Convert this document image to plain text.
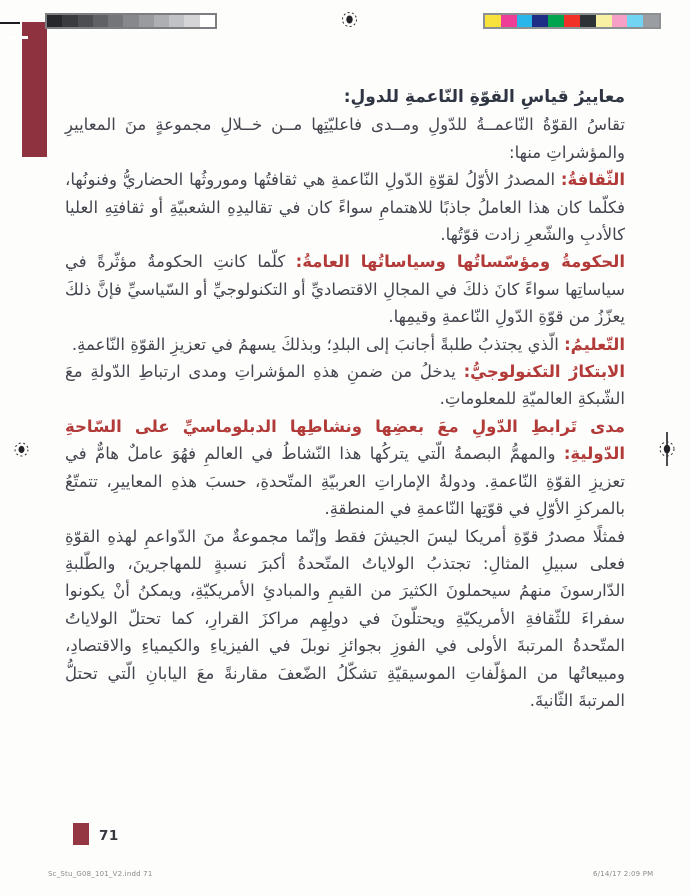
معاييرُ قياسِ القوّةِ النّاعمةِ للدولِ:

تقاسُ القوّةُ النّاعمــةُ للدّولِ ومــدى فاعليّتِها مــن خــلالِ مجموعةٍ منَ المعاييرِ والمؤشراتِ منها:

الثّقافةُ: المصدرُ الأوّلُ لقوّةِ الدّولِ النّاعمةِ هي ثقافتُها وموروثُها الحضاريُّ وفنونُها، فكلّما كان هذا العاملُ جاذبًا للاهتمامِ سواءً كان في تقاليدِهِ الشعبيّةِ أو ثقافتِهِ العليا كالأدبِ والشّعرِ زادت قوّتُها.

الحكومةُ ومؤسّساتُها وسياساتُها العامةُ: كلّما كانتِ الحكومةُ مؤثّرةً في سياساتِها سواءً كانَ ذلكَ في المجالِ الاقتصاديِّ أو التكنولوجيِّ أو السّياسيِّ فإنَّ ذلكَ يعزّزُ من قوّةِ الدّولِ النّاعمةِ وقيمِها.

التّعليمُ: الّذي يجتذبُ طلبةً أجانبَ إلى البلدِ؛ وبذلكَ يسهمُ في تعزيزِ القوّةِ النّاعمةِ.

الابتكارُ التكنولوجيُّ: يدخلُ من ضمنِ هذهِ المؤشراتِ ومدى ارتباطِ الدّولةِ معَ الشّبكةِ العالميّةِ للمعلوماتِ.

مدى تَرابطِ الدّولِ معَ بعضِها ونشاطِها الدبلوماسيِّ على السّاحةِ الدّوليةِ: والمهمُّ البصمةُ الّتي يتركُها هذا النّشاطُ في العالمِ فهُوَ عاملٌ هامٌّ في تعزيزِ القوّةِ النّاعمةِ. ودولةُ الإماراتِ العربيّةِ المتّحدةِ، حسبَ هذهِ المعاييرِ، تتمتّعُ بالمركزِ الأوّلِ في قوّتِها النّاعمةِ في المنطقةِ.

فمثلًا مصدرُ قوّةِ أمريكا ليسَ الجيشَ فقط وإنّما مجموعةٌ منَ الدّواعمِ لهذهِ القوّةِ فعلى سبيلِ المثالِ: تجتذبُ الولاياتُ المتّحدةُ أكبرَ نسبةٍ للمهاجرينَ، والطّلبةِ الدّارسونَ منهمُ سيحملونَ الكثيرَ من القيمِ والمبادئِ الأمريكيّةِ، ويمكنُ أنْ يكونوا سفراءَ للثّقافةِ الأمريكيّةِ ويحتلّونَ في دولِهِم مراكزَ القرارِ، كما تحتلّ الولاياتُ المتّحدةُ المرتبةَ الأولى في الفوزِ بجوائزِ نوبلَ في الفيزياءِ والكيمياءِ والاقتصادِ، ومبيعاتُها من المؤلّفاتِ الموسيقيّةِ تشكّلُ الضّعفَ مقارنةً معَ اليابانِ الّتي تحتلُّ المرتبةَ الثّانيةَ.

71
Sc_Stu_G08_101_V2.indd 71	6/14/17 2:09 PM
